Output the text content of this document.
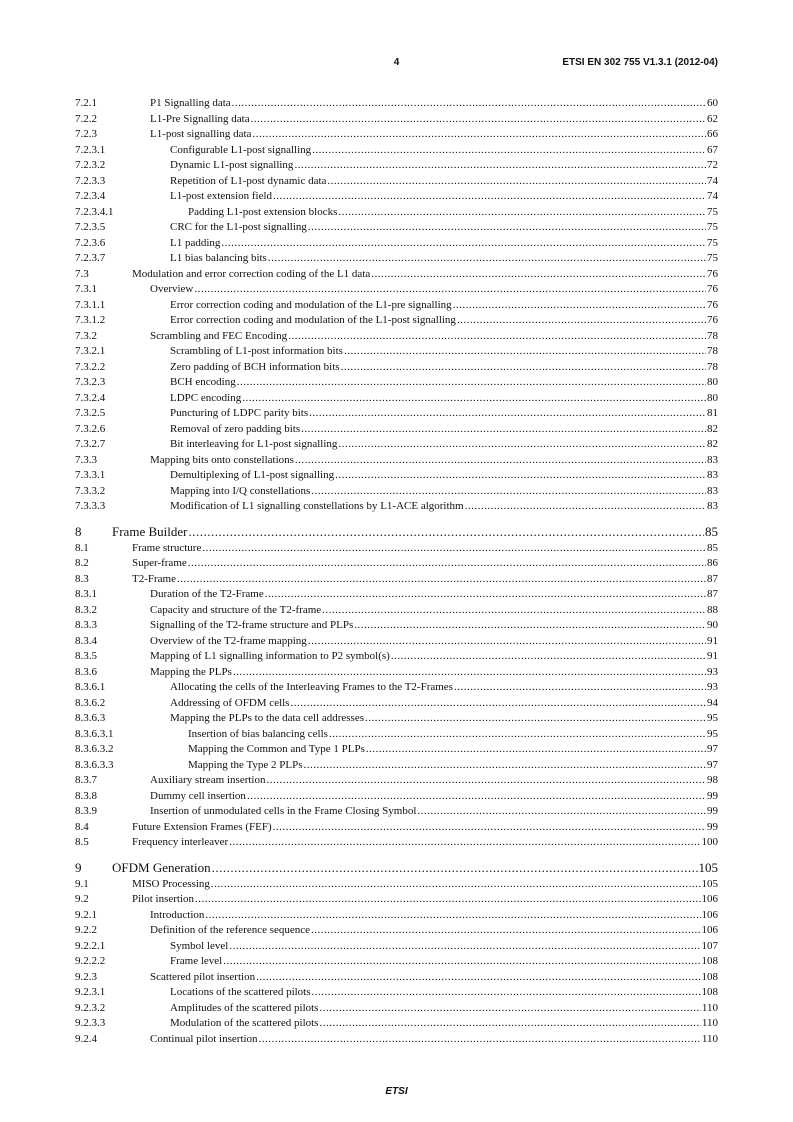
4	ETSI EN 302 755 V1.3.1 (2012-04)
7.2.1	P1 Signalling data .....	60
7.2.2	L1-Pre Signalling data .....	62
7.2.3	L1-post signalling data .....	66
7.2.3.1	Configurable L1-post signalling .....	67
7.2.3.2	Dynamic L1-post signalling .....	72
7.2.3.3	Repetition of L1-post dynamic data .....	74
7.2.3.4	L1-post extension field .....	74
7.2.3.4.1	Padding L1-post extension blocks .....	75
7.2.3.5	CRC for the L1-post signalling .....	75
7.2.3.6	L1 padding .....	75
7.2.3.7	L1 bias balancing bits .....	75
7.3	Modulation and error correction coding of the L1 data .....	76
7.3.1	Overview .....	76
7.3.1.1	Error correction coding and modulation of the L1-pre signalling .....	76
7.3.1.2	Error correction coding and modulation of the L1-post signalling .....	76
7.3.2	Scrambling and FEC Encoding .....	78
7.3.2.1	Scrambling of L1-post information bits .....	78
7.3.2.2	Zero padding of BCH information bits .....	78
7.3.2.3	BCH encoding .....	80
7.3.2.4	LDPC encoding .....	80
7.3.2.5	Puncturing of LDPC parity bits .....	81
7.3.2.6	Removal of zero padding bits .....	82
7.3.2.7	Bit interleaving for L1-post signalling .....	82
7.3.3	Mapping bits onto constellations .....	83
7.3.3.1	Demultiplexing of L1-post signalling .....	83
7.3.3.2	Mapping into I/Q constellations .....	83
7.3.3.3	Modification of L1 signalling constellations by L1-ACE algorithm .....	83
8	Frame Builder .....	85
8.1	Frame structure .....	85
8.2	Super-frame .....	86
8.3	T2-Frame .....	87
8.3.1	Duration of the T2-Frame .....	87
8.3.2	Capacity and structure of the T2-frame .....	88
8.3.3	Signalling of the T2-frame structure and PLPs .....	90
8.3.4	Overview of the T2-frame mapping .....	91
8.3.5	Mapping of L1 signalling information to P2 symbol(s) .....	91
8.3.6	Mapping the PLPs .....	93
8.3.6.1	Allocating the cells of the Interleaving Frames to the T2-Frames .....	93
8.3.6.2	Addressing of OFDM cells .....	94
8.3.6.3	Mapping the PLPs to the data cell addresses .....	95
8.3.6.3.1	Insertion of bias balancing cells .....	95
8.3.6.3.2	Mapping the Common and Type 1 PLPs .....	97
8.3.6.3.3	Mapping the Type 2 PLPs .....	97
8.3.7	Auxiliary stream insertion .....	98
8.3.8	Dummy cell insertion .....	99
8.3.9	Insertion of unmodulated cells in the Frame Closing Symbol .....	99
8.4	Future Extension Frames (FEF) .....	99
8.5	Frequency interleaver .....	100
9	OFDM Generation .....	105
9.1	MISO Processing .....	105
9.2	Pilot insertion .....	106
9.2.1	Introduction .....	106
9.2.2	Definition of the reference sequence .....	106
9.2.2.1	Symbol level .....	107
9.2.2.2	Frame level .....	108
9.2.3	Scattered pilot insertion .....	108
9.2.3.1	Locations of the scattered pilots .....	108
9.2.3.2	Amplitudes of the scattered pilots .....	110
9.2.3.3	Modulation of the scattered pilots .....	110
9.2.4	Continual pilot insertion .....	110
ETSI
